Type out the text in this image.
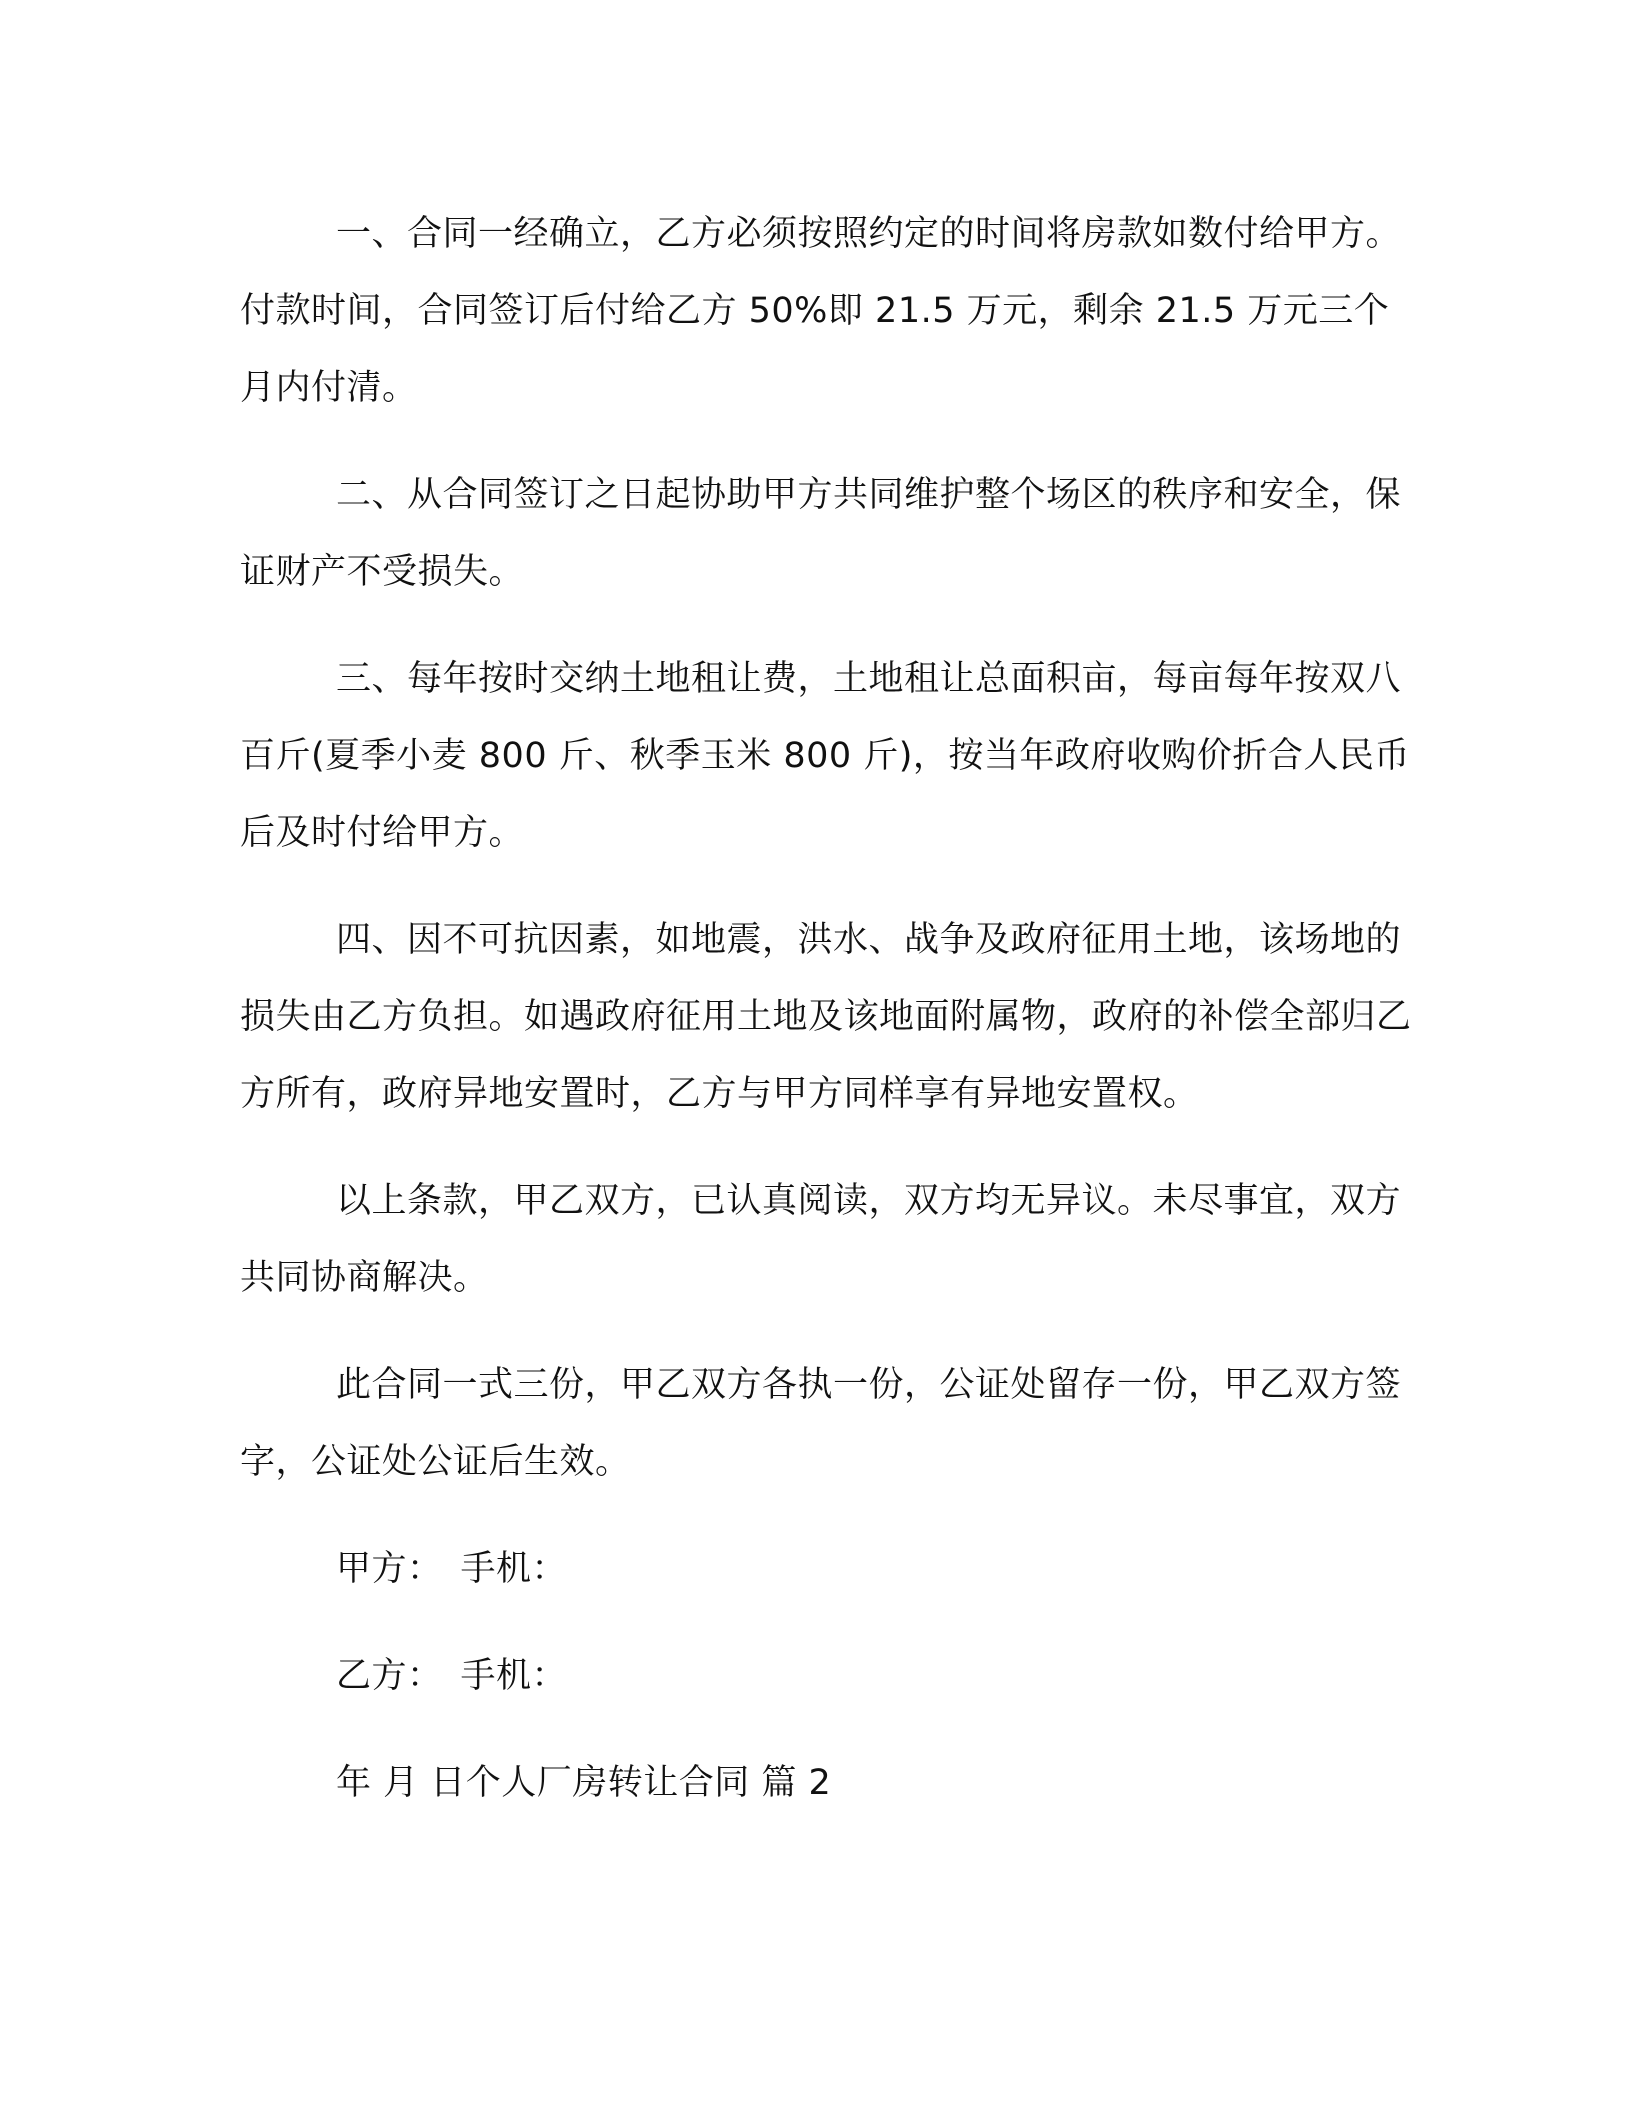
一、合同一经确立，乙方必须按照约定的时间将房款如数付给甲方。付款时间，合同签订后付给乙方 50%即 21.5 万元，剩余 21.5 万元三个月内付清。

二、从合同签订之日起协助甲方共同维护整个场区的秩序和安全，保证财产不受损失。

三、每年按时交纳土地租让费，土地租让总面积亩，每亩每年按双八百斤(夏季小麦 800 斤、秋季玉米 800 斤)，按当年政府收购价折合人民币后及时付给甲方。

四、因不可抗因素，如地震，洪水、战争及政府征用土地，该场地的损失由乙方负担。如遇政府征用土地及该地面附属物，政府的补偿全部归乙方所有，政府异地安置时，乙方与甲方同样享有异地安置权。

以上条款，甲乙双方，已认真阅读，双方均无异议。未尽事宜，双方共同协商解决。

此合同一式三份，甲乙双方各执一份，公证处留存一份，甲乙双方签字，公证处公证后生效。

甲方： 手机：
乙方： 手机：
年 月 日个人厂房转让合同 篇 2
